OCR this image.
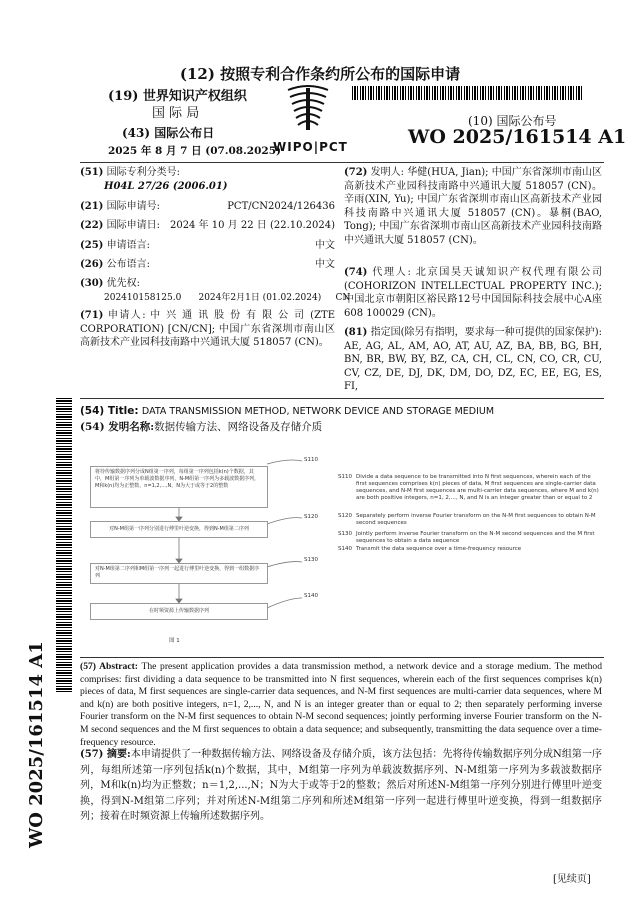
(12) 按照专利合作条约所公布的国际申请
(19) 世界知识产权组织
国 际 局
(43) 国际公布日
2025 年 8 月 7 日 (07.08.2025)
WIPO|PCT
(10) 国际公布号
WO 2025/161514 A1
(51) 国际专利分类号:
H04L 27/26 (2006.01)
(21) 国际申请号:	PCT/CN2024/126436
(22) 国际申请日: 2024 年 10 月 22 日 (22.10.2024)
(25) 申请语言:	中文
(26) 公布语言:	中文
(30) 优先权:
202410158125.0      2024年2月1日 (01.02.2024)     CN
(71) 申请人: 中 兴 通 讯 股 份 有 限 公 司 (ZTE CORPORATION) [CN/CN]; 中国广东省深圳市南山区高新技术产业园科技南路中兴通讯大厦 518057 (CN)。
(72) 发明人: 华健(HUA, Jian); 中国广东省深圳市南山区高新技术产业园科技南路中兴通讯大厦 518057 (CN)。辛雨(XIN, Yu); 中国广东省深圳市南山区高新技术产业园科技南路中兴通讯大厦 518057 (CN)。暴桐(BAO, Tong); 中国广东省深圳市南山区高新技术产业园科技南路中兴通讯大厦 518057 (CN)。
(74) 代理人: 北京国昊天诚知识产权代理有限公司 (COHORIZON INTELLECTUAL PROPERTY INC.); 中国北京市朝阳区裕民路12号中国国际科技会展中心A座608 100029 (CN)。
(81) 指定国(除另有指明，要求每一种可提供的国家保护): AE, AG, AL, AM, AO, AT, AU, AZ, BA, BB, BG, BH, BN, BR, BW, BY, BZ, CA, CH, CL, CN, CO, CR, CU, CV, CZ, DE, DJ, DK, DM, DO, DZ, EC, EE, EG, ES, FI,
WO 2025/161514 A1
(54) Title: DATA TRANSMISSION METHOD, NETWORK DEVICE AND STORAGE MEDIUM
(54) 发明名称:数据传输方法、网络设备及存储介质
将待传输数据序列分成N组第一序列，每组第一序列包括k(n)个数据，其中，M组第一序列为单载波数据序列，N-M组第一序列为多载波数据序列，M和k(n)均为正整数，n=1,2,...,N，N为大于或等于2的整数
对N-M组第一序列分别进行傅里叶逆变换，得到N-M组第二序列
对N-M组第二序列和M组第一序列一起进行傅里叶逆变换，得到一组数据序列
在时频资源上传输数据序列
S110
S120
S130
S140
图 1
S110 Divide a data sequence to be transmitted into N first sequences, wherein each of the first sequences comprises k(n) pieces of data, M first sequences are single-carrier data sequences, and N-M first sequences are multi-carrier data sequences, where M and k(n) are both positive integers, n=1, 2,..., N, and N is an integer greater than or equal to 2
S120 Separately perform inverse Fourier transform on the N-M first sequences to obtain N-M second sequences
S130 Jointly perform inverse Fourier transform on the N-M second sequences and the M first sequences to obtain a data sequence
S140 Transmit the data sequence over a time-frequency resource
(57) Abstract: The present application provides a data transmission method, a network device and a storage medium. The method comprises: first dividing a data sequence to be transmitted into N first sequences, wherein each of the first sequences comprises k(n) pieces of data, M first sequences are single-carrier data sequences, and N-M first sequences are multi-carrier data sequences, where M and k(n) are both positive integers, n=1, 2,..., N, and N is an integer greater than or equal to 2; then separately performing inverse Fourier transform on the N-M first sequences to obtain N-M second sequences; jointly performing inverse Fourier transform on the N-M second sequences and the M first sequences to obtain a data sequence; and subsequently, transmitting the data sequence over a time-frequency resource.
(57) 摘要:本申请提供了一种数据传输方法、网络设备及存储介质，该方法包括：先将待传输数据序列分成N组第一序列，每组所述第一序列包括k(n)个数据，其中，M组第一序列为单载波数据序列、N-M组第一序列为多载波数据序列，M和k(n)均为正整数；n＝1,2,...,N；N为大于或等于2的整数；然后对所述N-M组第一序列分别进行傅里叶逆变换，得到N-M组第二序列；并对所述N-M组第二序列和所述M组第一序列一起进行傅里叶逆变换，得到一组数据序列；接着在时频资源上传输所述数据序列。
[见续页]
